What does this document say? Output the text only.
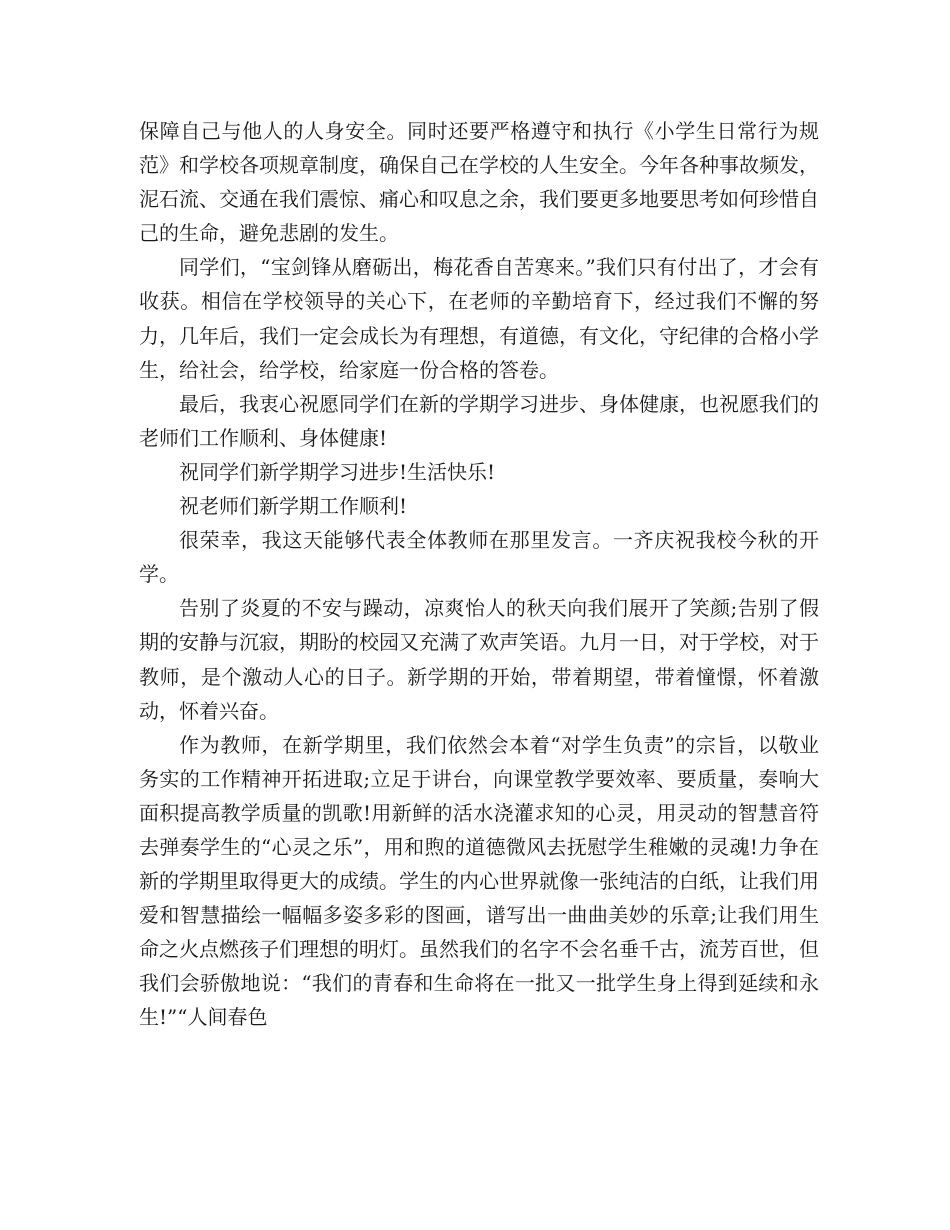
保障自己与他人的人身安全。同时还要严格遵守和执行《小学生日常行为规范》和学校各项规章制度，确保自己在学校的人生安全。今年各种事故频发，泥石流、交通在我们震惊、痛心和叹息之余，我们要更多地要思考如何珍惜自己的生命，避免悲剧的发生。

同学们，“宝剑锋从磨砺出，梅花香自苦寒来。”我们只有付出了，才会有收获。相信在学校领导的关心下，在老师的辛勤培育下，经过我们不懈的努力，几年后，我们一定会成长为有理想，有道德，有文化，守纪律的合格小学生，给社会，给学校，给家庭一份合格的答卷。

最后，我衷心祝愿同学们在新的学期学习进步、身体健康，也祝愿我们的老师们工作顺利、身体健康!

祝同学们新学期学习进步!生活快乐!

祝老师们新学期工作顺利!

很荣幸，我这天能够代表全体教师在那里发言。一齐庆祝我校今秋的开学。

告别了炎夏的不安与躁动，凉爽怡人的秋天向我们展开了笑颜;告别了假期的安静与沉寂，期盼的校园又充满了欢声笑语。九月一日，对于学校，对于教师，是个激动人心的日子。新学期的开始，带着期望，带着憧憬，怀着激动，怀着兴奋。

作为教师，在新学期里，我们依然会本着“对学生负责”的宗旨，以敬业务实的工作精神开拓进取;立足于讲台，向课堂教学要效率、要质量，奏响大面积提高教学质量的凯歌!用新鲜的活水浇灌求知的心灵，用灵动的智慧音符去弹奏学生的“心灵之乐”，用和煦的道德微风去抚慰学生稚嫩的灵魂!力争在新的学期里取得更大的成绩。学生的内心世界就像一张纯洁的白纸，让我们用爱和智慧描绘一幅幅多姿多彩的图画，谱写出一曲曲美妙的乐章;让我们用生命之火点燃孩子们理想的明灯。虽然我们的名字不会名垂千古，流芳百世，但我们会骄傲地说：“我们的青春和生命将在一批又一批学生身上得到延续和永生!”“人间春色
